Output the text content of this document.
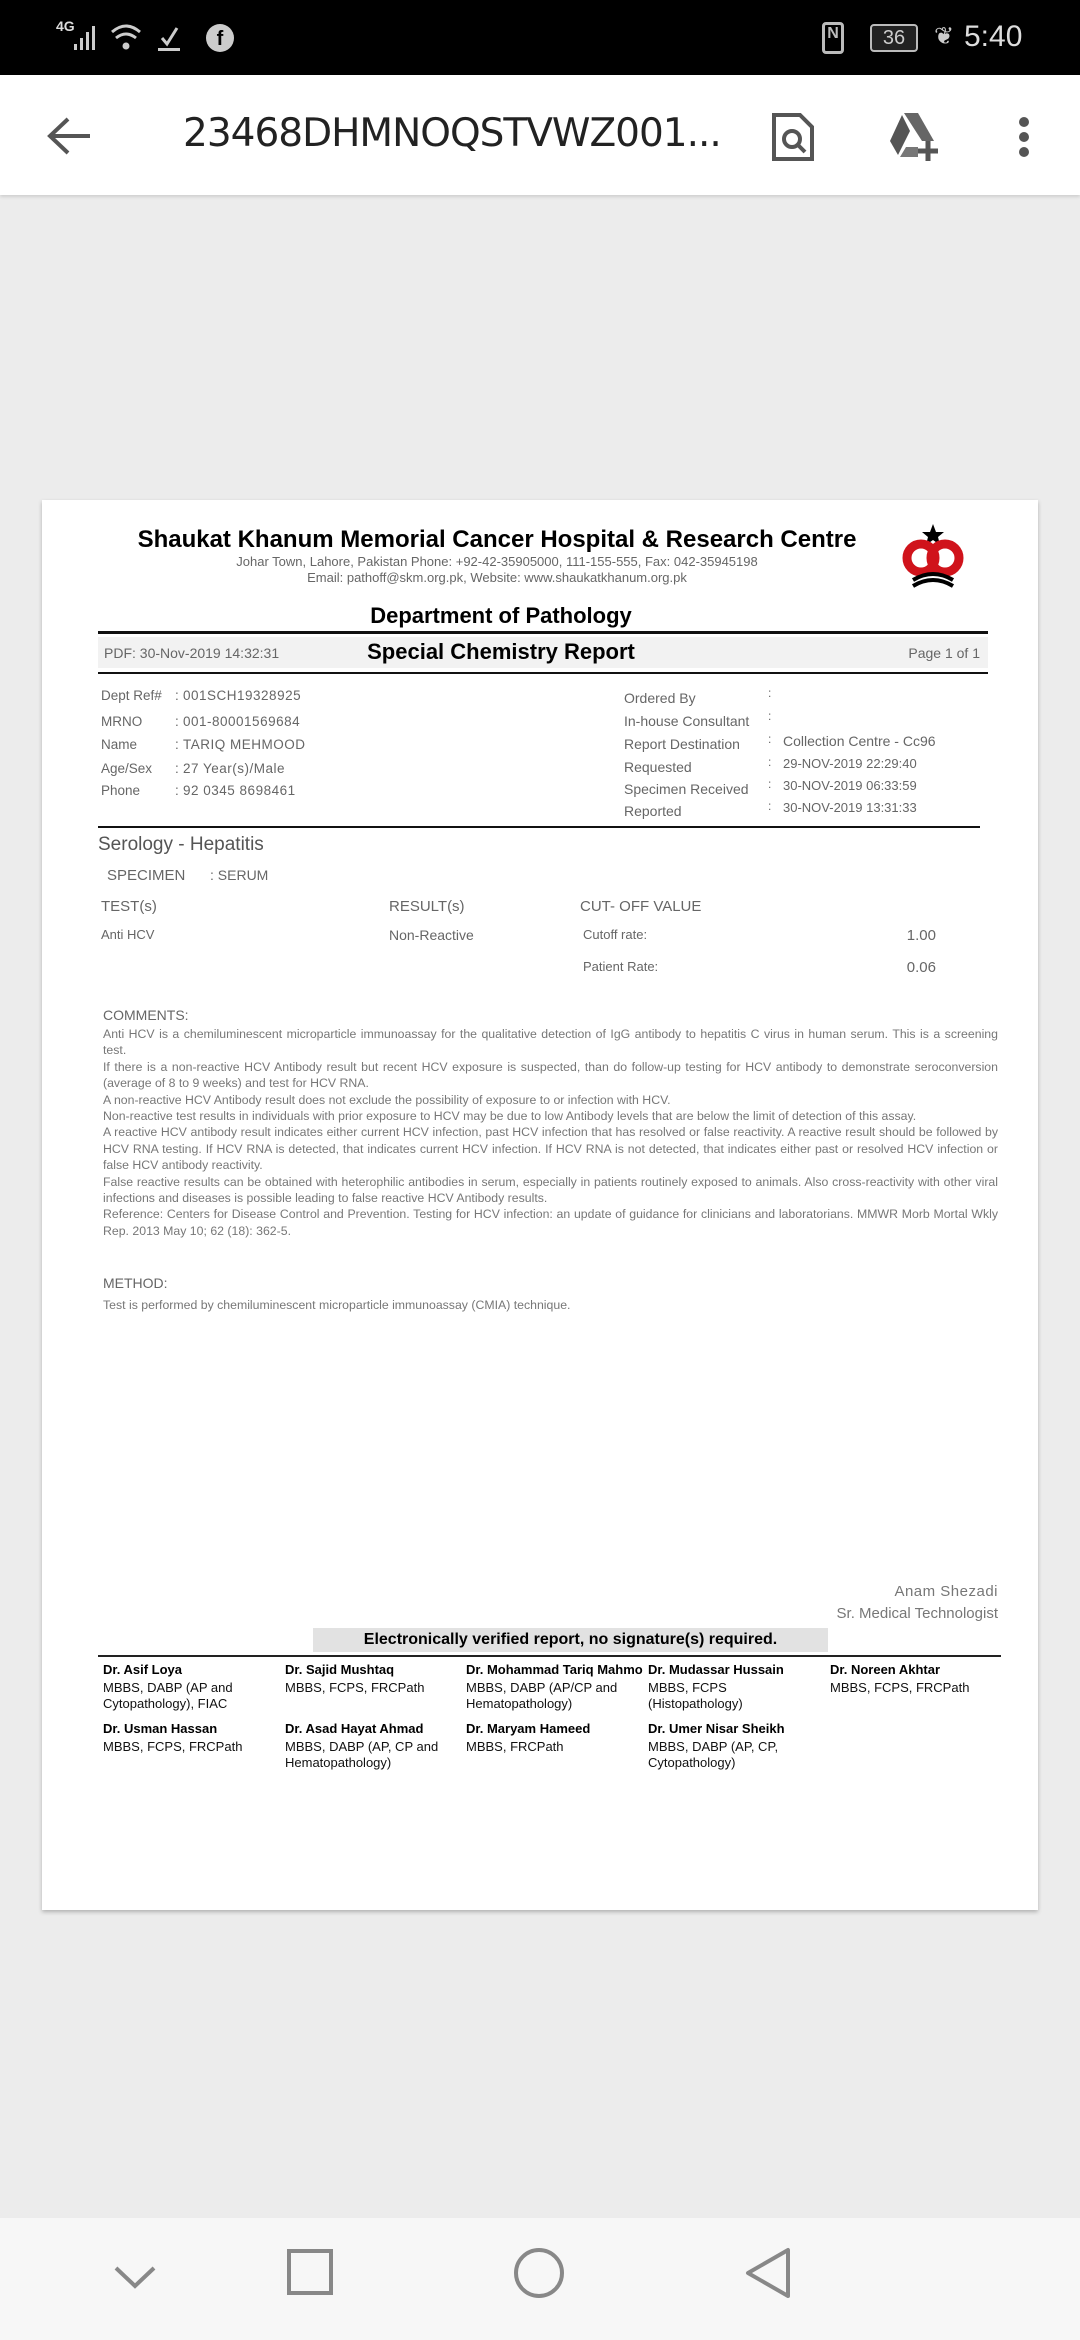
4G
f	N	36	❦ 5:40
23468DHMNOQSTVWZ001...
Shaukat Khanum Memorial Cancer Hospital & Research Centre
Johar Town, Lahore, Pakistan Phone: +92-42-35905000, 111-155-555, Fax: 042-35945198
Email: pathoff@skm.org.pk, Website: www.shaukatkhanum.org.pk
Department of Pathology
PDF: 30-Nov-2019 14:32:31	Special Chemistry Report	Page 1 of 1
Dept Ref# : 001SCH19328925
MRNO : 001-80001569684
Name	: TARIQ MEHMOOD
Age/Sex : 27 Year(s)/Male
Phone	: 92 0345 8698461
Ordered By	:
In-house Consultant :
Report Destination : Collection Centre - Cc96
Requested	: 29-NOV-2019 22:29:40
Specimen Received : 30-NOV-2019 06:33:59
Reported	: 30-NOV-2019 13:31:33
Serology - Hepatitis
SPECIMEN : SERUM
TEST(s)	RESULT(s)	CUT- OFF VALUE
Anti HCV	Non-Reactive	Cutoff rate:	1.00
Patient Rate:	0.06
COMMENTS:
Anti HCV is a chemiluminescent microparticle immunoassay for the qualitative detection of IgG antibody to hepatitis C virus in human serum. This is a screening test.
If there is a non-reactive HCV Antibody result but recent HCV exposure is suspected, than do follow-up testing for HCV antibody to demonstrate seroconversion (average of 8 to 9 weeks) and test for HCV RNA.
A non-reactive HCV Antibody result does not exclude the possibility of exposure to or infection with HCV.
Non-reactive test results in individuals with prior exposure to HCV may be due to low Antibody levels that are below the limit of detection of this assay.
A reactive HCV antibody result indicates either current HCV infection, past HCV infection that has resolved or false reactivity. A reactive result should be followed by HCV RNA testing. If HCV RNA is detected, that indicates current HCV infection. If HCV RNA is not detected, that indicates either past or resolved HCV infection or false HCV antibody reactivity.
False reactive results can be obtained with heterophilic antibodies in serum, especially in patients routinely exposed to animals. Also cross-reactivity with other viral infections and diseases is possible leading to false reactive HCV Antibody results.
Reference: Centers for Disease Control and Prevention. Testing for HCV infection: an update of guidance for clinicians and laboratorians. MMWR Morb Mortal Wkly Rep. 2013 May 10; 62 (18): 362-5.
METHOD:
Test is performed by chemiluminescent microparticle immunoassay (CMIA) technique.
Anam Shezadi
Sr. Medical Technologist
Electronically verified report, no signature(s) required.
Dr. Asif Loya
MBBS, DABP (AP and Cytopathology), FIAC
Dr. Sajid Mushtaq
MBBS, FCPS, FRCPath
Dr. Mohammad Tariq Mahmo
MBBS, DABP (AP/CP and Hematopathology)
Dr. Mudassar Hussain
MBBS, FCPS (Histopathology)
Dr. Noreen Akhtar
MBBS, FCPS, FRCPath
Dr. Usman Hassan
MBBS, FCPS, FRCPath
Dr. Asad Hayat Ahmad
MBBS, DABP (AP, CP and Hematopathology)
Dr. Maryam Hameed
MBBS, FRCPath
Dr. Umer Nisar Sheikh
MBBS, DABP (AP, CP, Cytopathology)
